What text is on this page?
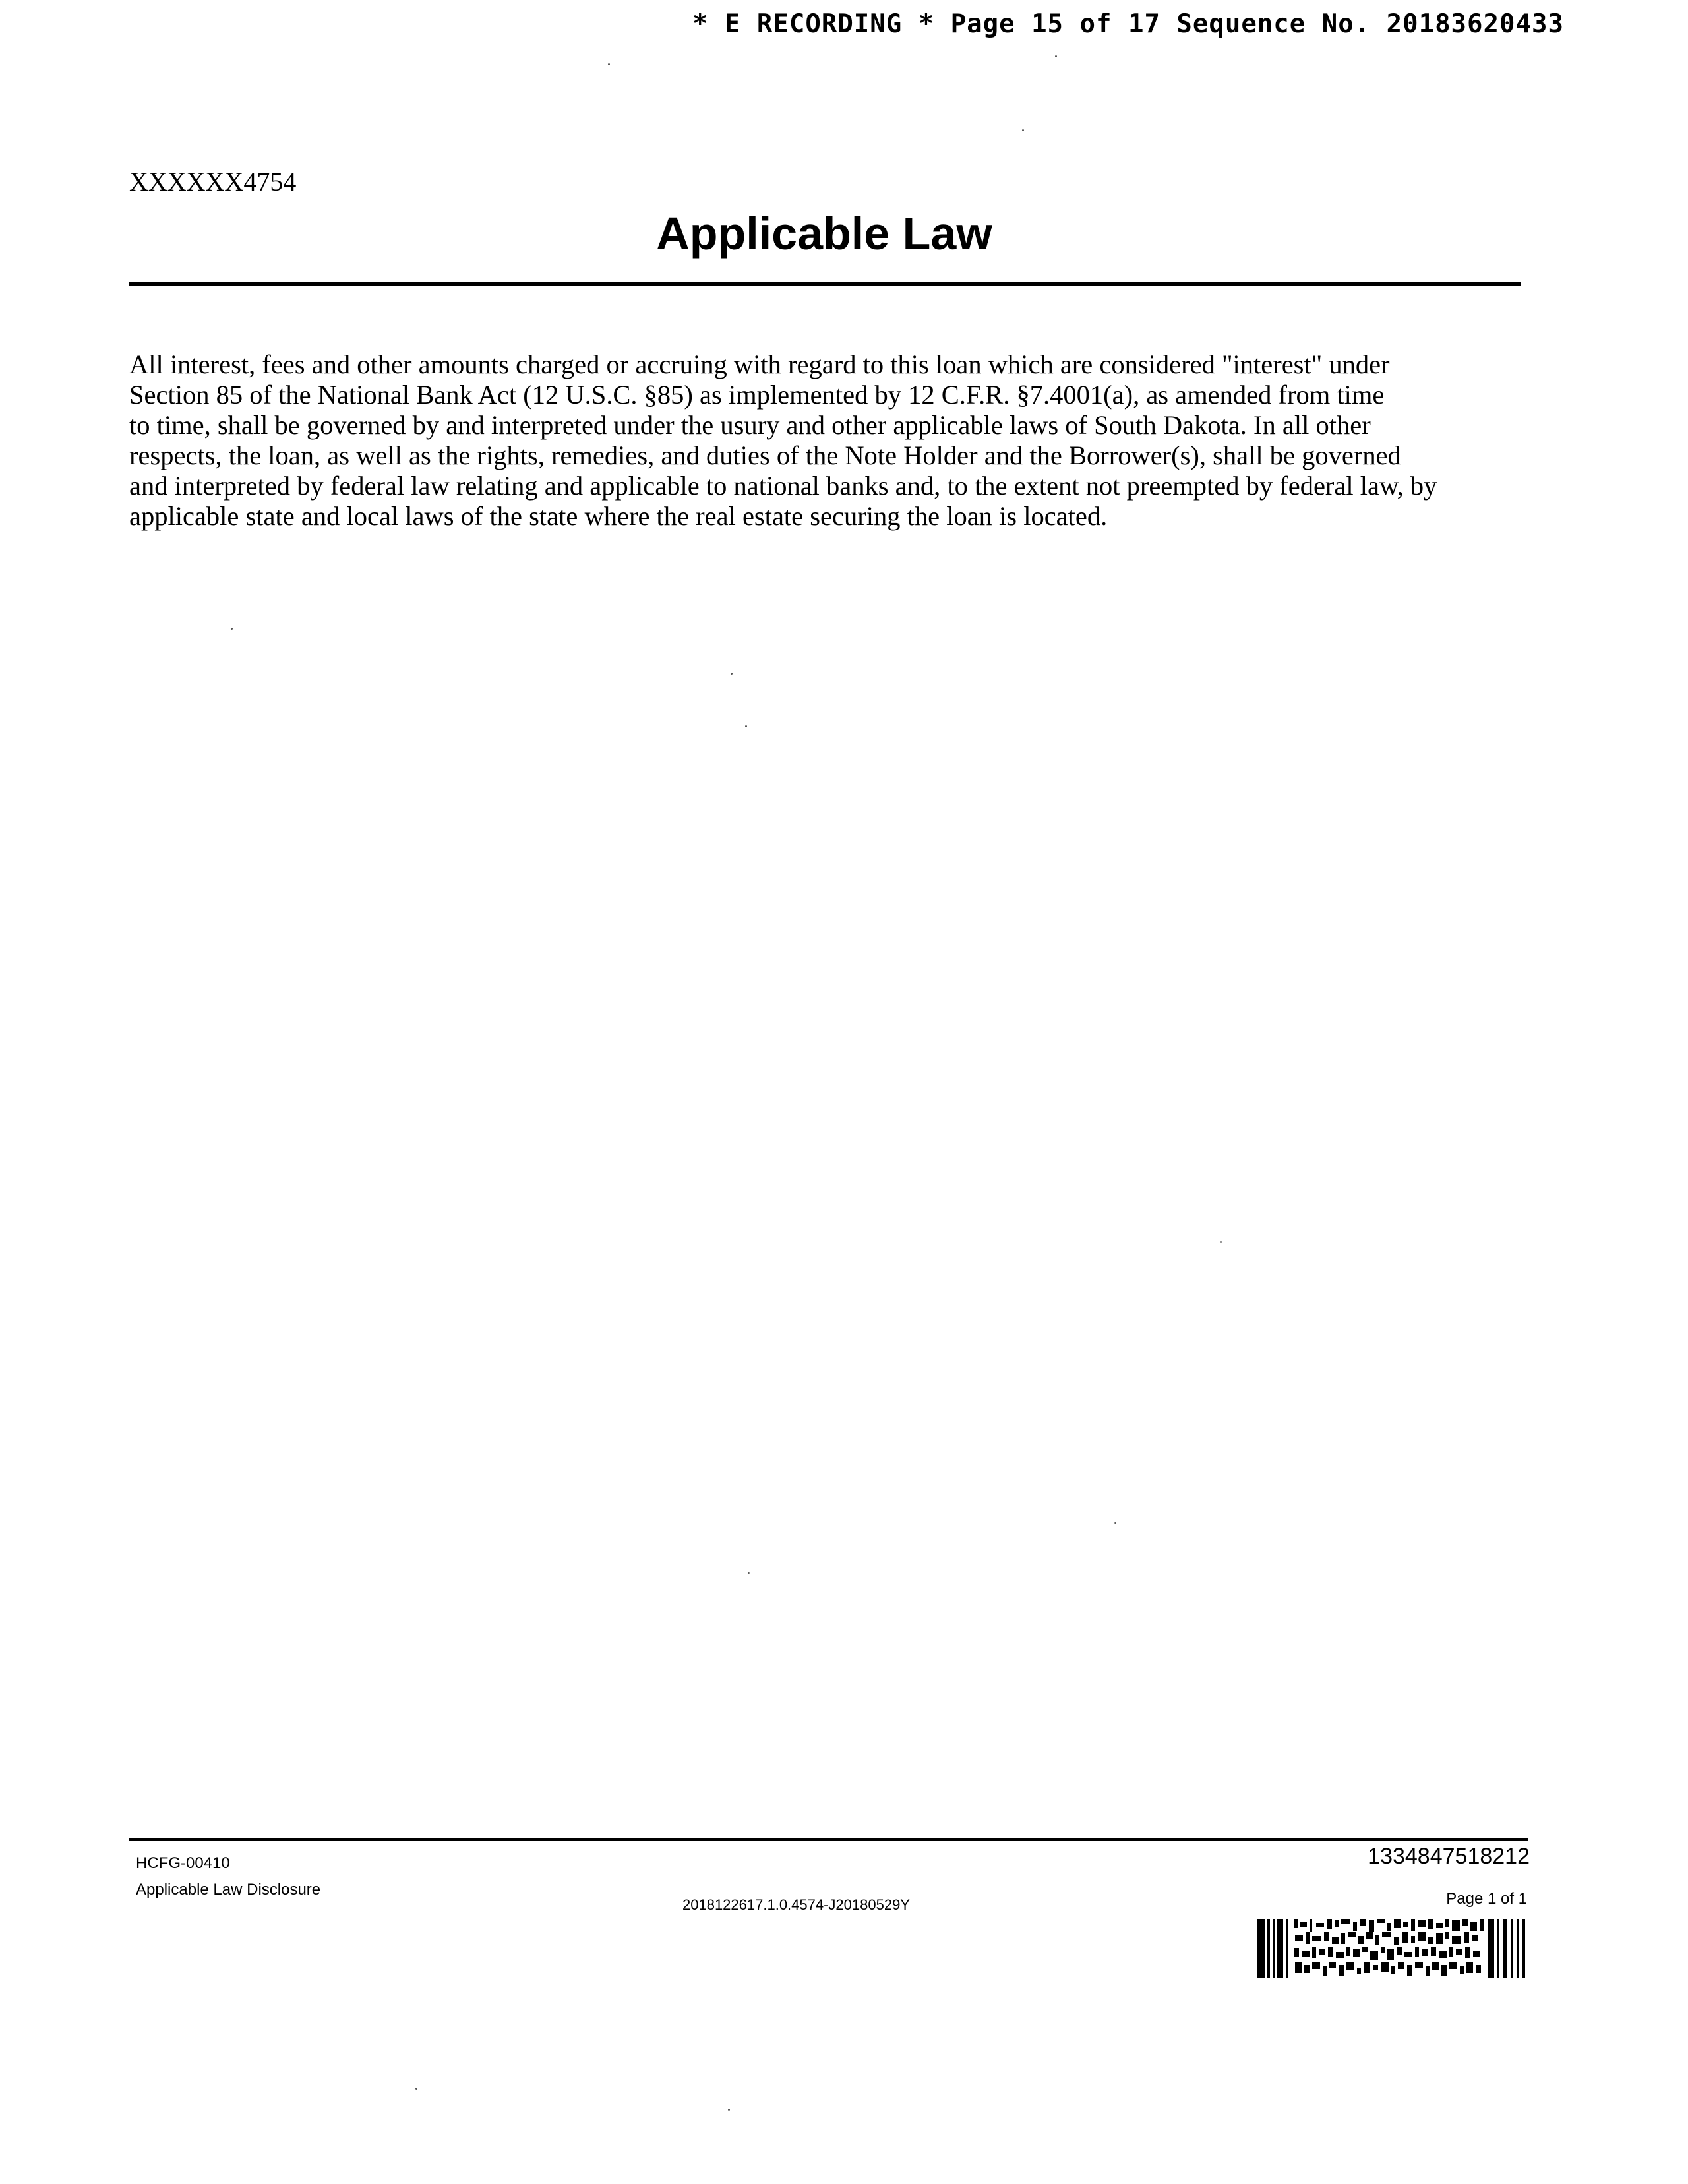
* E RECORDING * Page 15 of 17 Sequence No. 20183620433
XXXXXX4754
Applicable Law

All interest, fees and other amounts charged or accruing with regard to this loan which are considered "interest" under
Section 85 of the National Bank Act (12 U.S.C. §85) as implemented by 12 C.F.R. §7.4001(a), as amended from time
to time, shall be governed by and interpreted under the usury and other applicable laws of South Dakota. In all other
respects, the loan, as well as the rights, remedies, and duties of the Note Holder and the Borrower(s), shall be governed
and interpreted by federal law relating and applicable to national banks and, to the extent not preempted by federal law, by
applicable state and local laws of the state where the real estate securing the loan is located.

HCFG-00410
Applicable Law Disclosure
2018122617.1.0.4574-J20180529Y
1334847518212
Page 1 of 1
